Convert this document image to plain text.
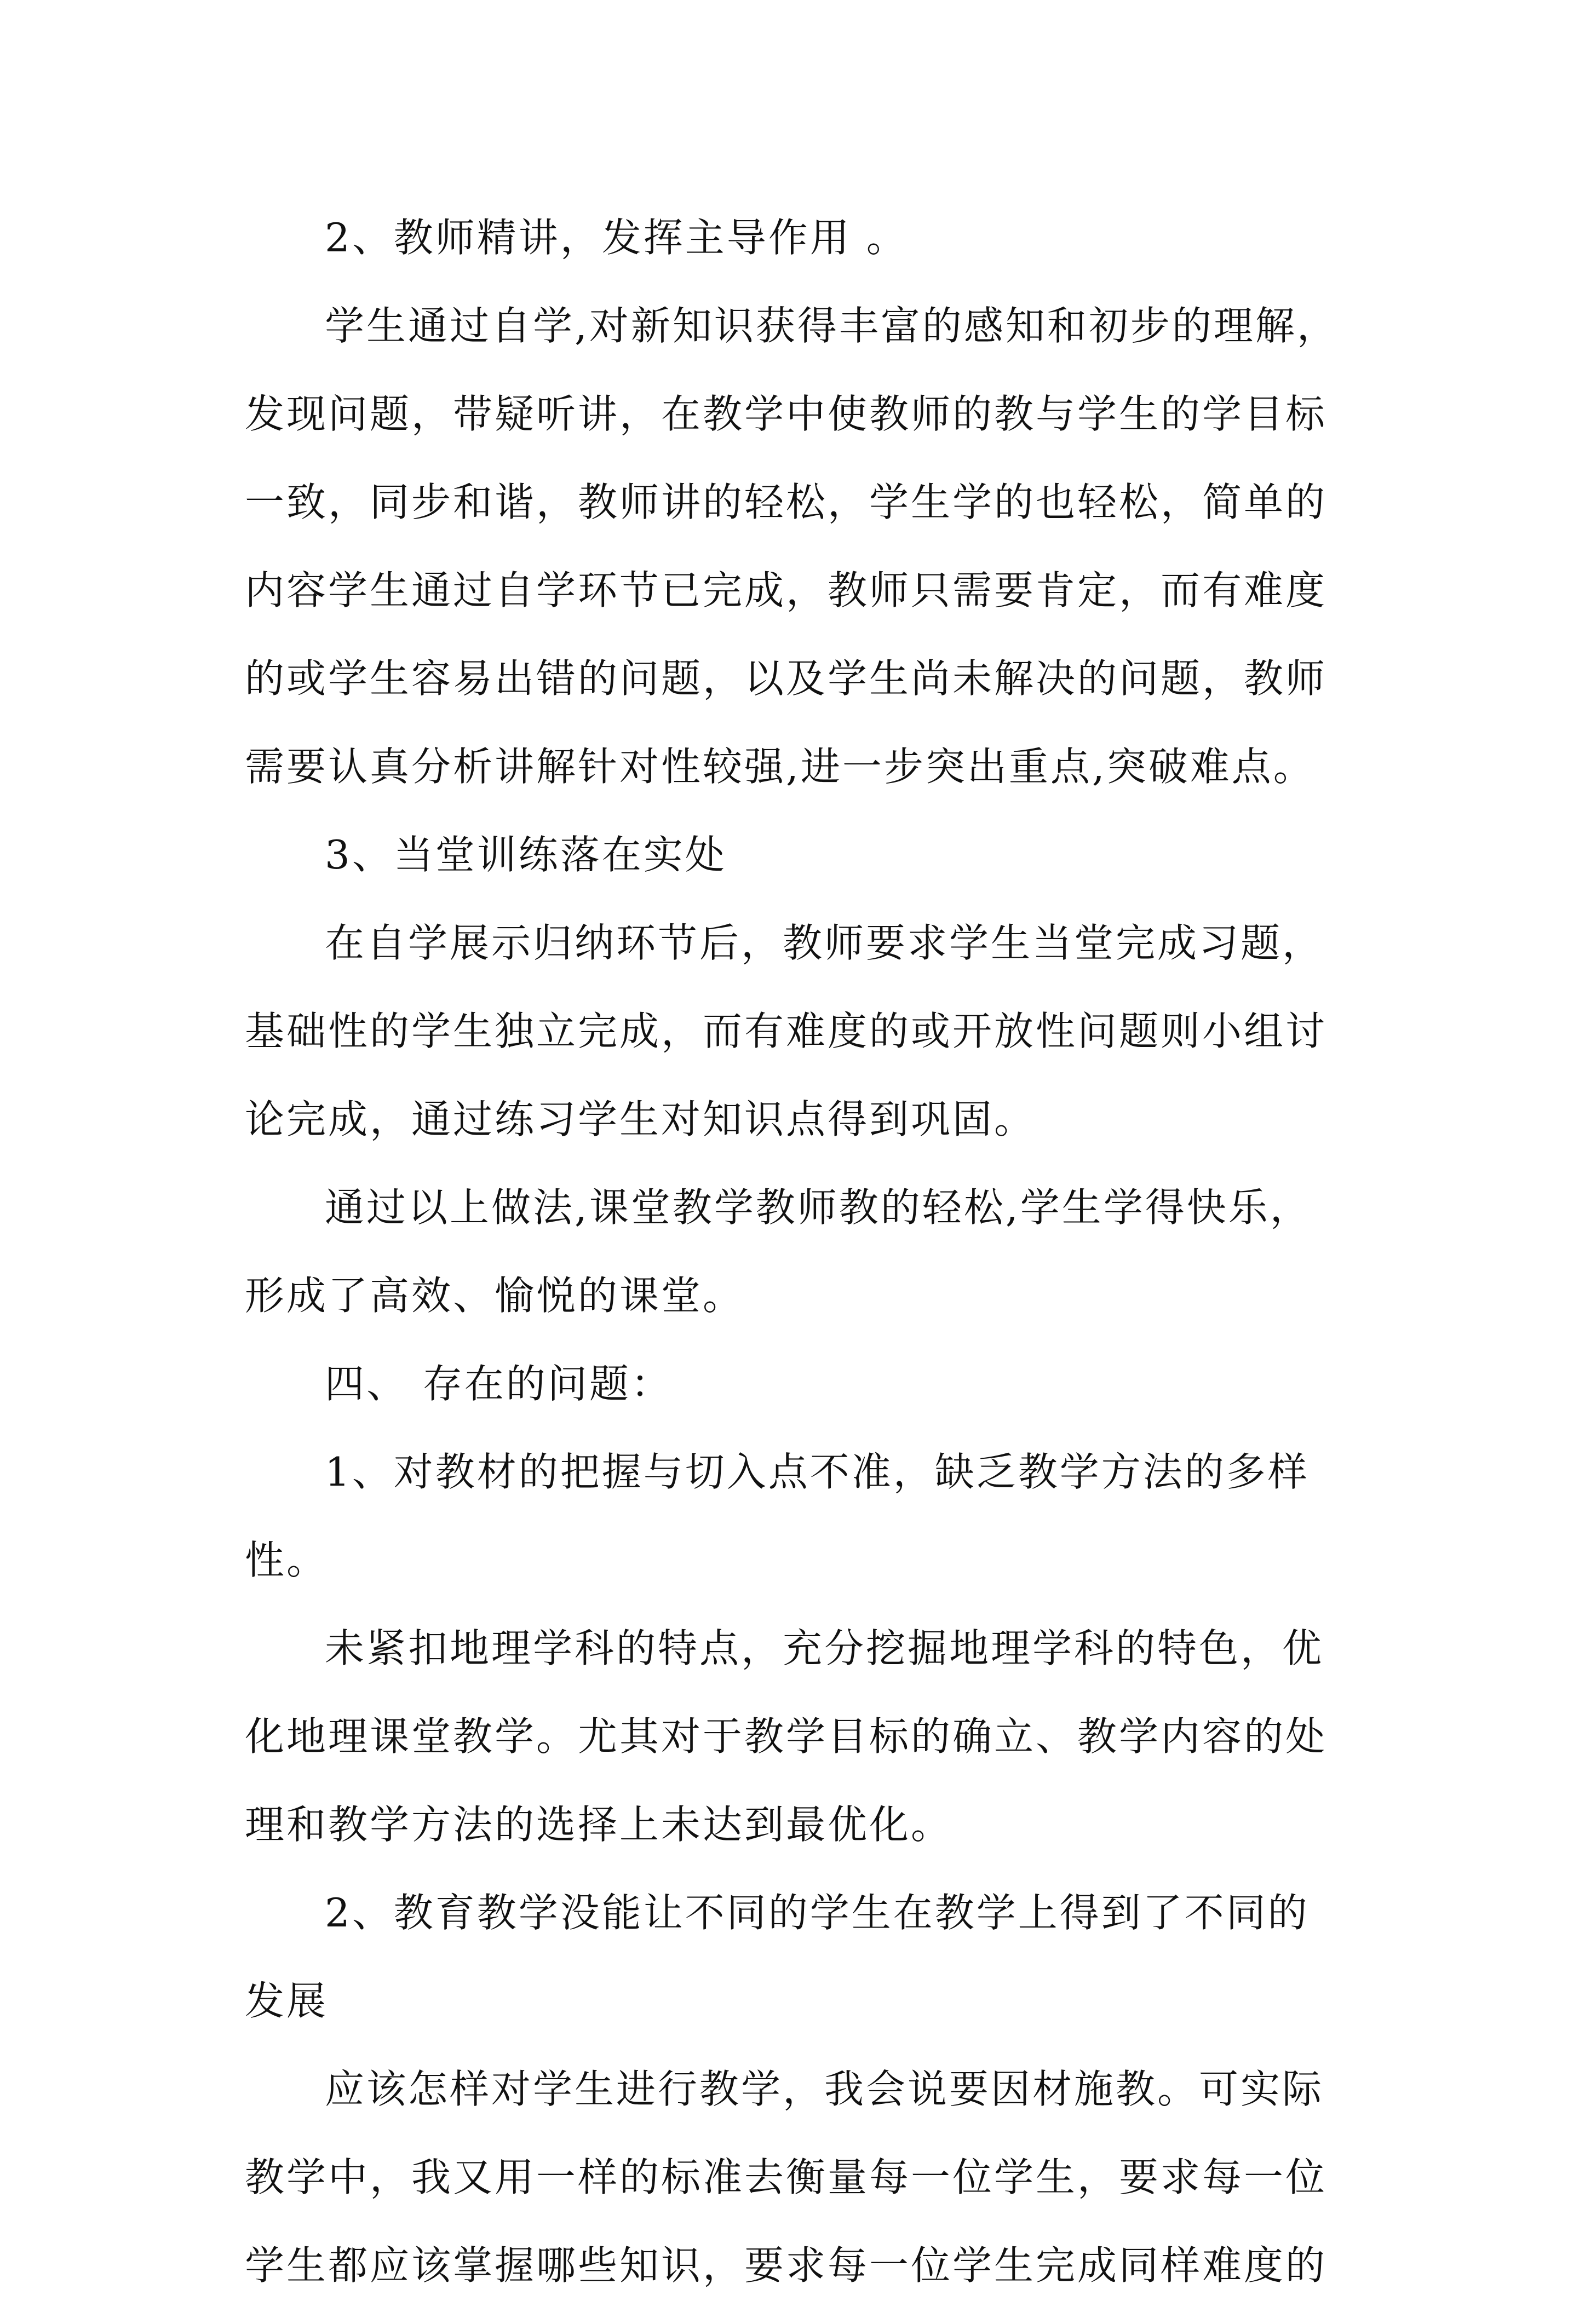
2、教师精讲，发挥主导作用 。
学生通过自学,对新知识获得丰富的感知和初步的理解，
发现问题，带疑听讲，在教学中使教师的教与学生的学目标
一致，同步和谐，教师讲的轻松，学生学的也轻松，简单的
内容学生通过自学环节已完成，教师只需要肯定，而有难度
的或学生容易出错的问题，以及学生尚未解决的问题，教师
需要认真分析讲解针对性较强,进一步突出重点,突破难点。
3、当堂训练落在实处
在自学展示归纳环节后，教师要求学生当堂完成习题，
基础性的学生独立完成，而有难度的或开放性问题则小组讨
论完成，通过练习学生对知识点得到巩固。
通过以上做法,课堂教学教师教的轻松,学生学得快乐，
形成了高效、愉悦的课堂。
四、 存在的问题：
1、对教材的把握与切入点不准，缺乏教学方法的多样
性。
未紧扣地理学科的特点，充分挖掘地理学科的特色，优
化地理课堂教学。尤其对于教学目标的确立、教学内容的处
理和教学方法的选择上未达到最优化。
2、教育教学没能让不同的学生在教学上得到了不同的
发展
应该怎样对学生进行教学，我会说要因材施教。可实际
教学中，我又用一样的标准去衡量每一位学生，要求每一位
学生都应该掌握哪些知识，要求每一位学生完成同样难度的
